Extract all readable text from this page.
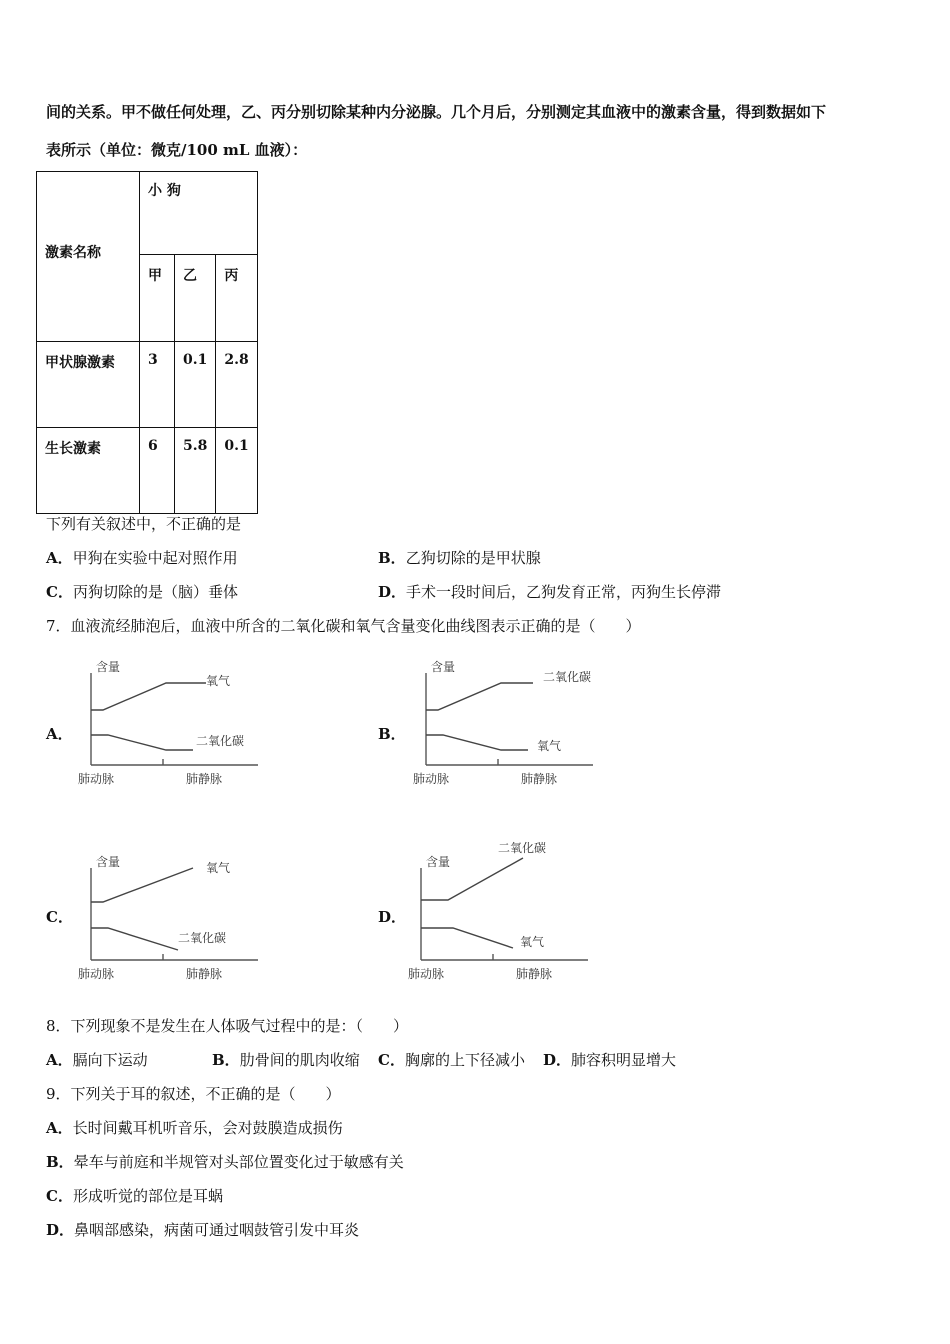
间的关系。甲不做任何处理，乙、丙分别切除某种内分泌腺。几个月后，分别测定其血液中的激素含量，得到数据如下
表所示（单位：微克/100 mL 血液）：
激素名称	小 狗		
	甲	乙	丙
甲状腺激素	3	0.1	2.8
生长激素	6	5.8	0.1
下列有关叙述中，不正确的是
A．甲狗在实验中起对照作用	B．乙狗切除的是甲状腺
C．丙狗切除的是（脑）垂体	D．手术一段时间后，乙狗发育正常，丙狗生长停滞
7．血液流经肺泡后，血液中所含的二氧化碳和氧气含量变化曲线图表示正确的是（　　）
A．
含量
肺动脉	肺静脉
氧气
二氧化碳	B．
含量
肺动脉	肺静脉
二氧化碳
氧气
C．
含量
肺动脉	肺静脉
氧气
二氧化碳
D．
含量
肺动脉	肺静脉
二氧化碳
氧气
8．下列现象不是发生在人体吸气过程中的是：（　　）
A．膈向下运动	B．肋骨间的肌肉收缩 C．胸廓的上下径减小 D．肺容积明显增大
9．下列关于耳的叙述，不正确的是（　　）
A．长时间戴耳机听音乐，会对鼓膜造成损伤
B．晕车与前庭和半规管对头部位置变化过于敏感有关
C．形成听觉的部位是耳蜗
D．鼻咽部感染，病菌可通过咽鼓管引发中耳炎
